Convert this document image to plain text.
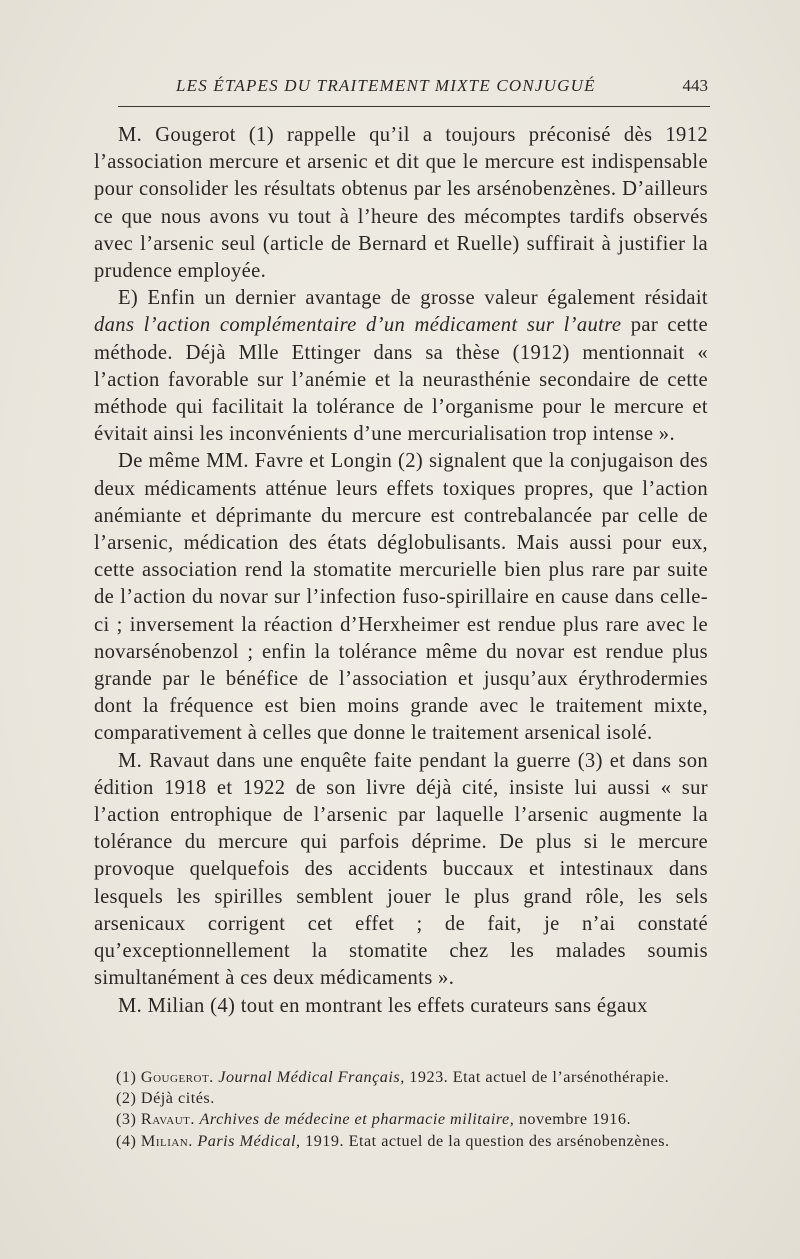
LES ÉTAPES DU TRAITEMENT MIXTE CONJUGUÉ	443

M. Gougerot (1) rappelle qu’il a toujours préconisé dès 1912 l’association mercure et arsenic et dit que le mercure est indispensable pour consolider les résultats obtenus par les arsénobenzènes. D’ailleurs ce que nous avons vu tout à l’heure des mécomptes tardifs observés avec l’arsenic seul (article de Bernard et Ruelle) suffirait à justifier la prudence employée.

E) Enfin un dernier avantage de grosse valeur également résidait dans l’action complémentaire d’un médicament sur l’autre par cette méthode. Déjà Mlle Ettinger dans sa thèse (1912) mentionnait « l’action favorable sur l’anémie et la neurasthénie secondaire de cette méthode qui facilitait la tolérance de l’organisme pour le mercure et évitait ainsi les inconvénients d’une mercurialisation trop intense ».

De même MM. Favre et Longin (2) signalent que la conjugaison des deux médicaments atténue leurs effets toxiques propres, que l’action anémiante et déprimante du mercure est contrebalancée par celle de l’arsenic, médication des états déglobulisants. Mais aussi pour eux, cette association rend la stomatite mercurielle bien plus rare par suite de l’action du novar sur l’infection fuso-spirillaire en cause dans celle-ci ; inversement la réaction d’Herxheimer est rendue plus rare avec le novarsénobenzol ; enfin la tolérance même du novar est rendue plus grande par le bénéfice de l’association et jusqu’aux érythrodermies dont la fréquence est bien moins grande avec le traitement mixte, comparativement à celles que donne le traitement arsenical isolé.

M. Ravaut dans une enquête faite pendant la guerre (3) et dans son édition 1918 et 1922 de son livre déjà cité, insiste lui aussi « sur l’action entrophique de l’arsenic par laquelle l’arsenic augmente la tolérance du mercure qui parfois déprime. De plus si le mercure provoque quelquefois des accidents buccaux et intestinaux dans lesquels les spirilles semblent jouer le plus grand rôle, les sels arsenicaux corrigent cet effet ; de fait, je n’ai constaté qu’exceptionnellement la stomatite chez les malades soumis simultanément à ces deux médicaments ».

M. Milian (4) tout en montrant les effets curateurs sans égaux

(1) Gougerot. Journal Médical Français, 1923. Etat actuel de l’arsénothérapie.

(2) Déjà cités.

(3) Ravaut. Archives de médecine et pharmacie militaire, novembre 1916.

(4) Milian. Paris Médical, 1919. Etat actuel de la question des arsénobenzènes.
